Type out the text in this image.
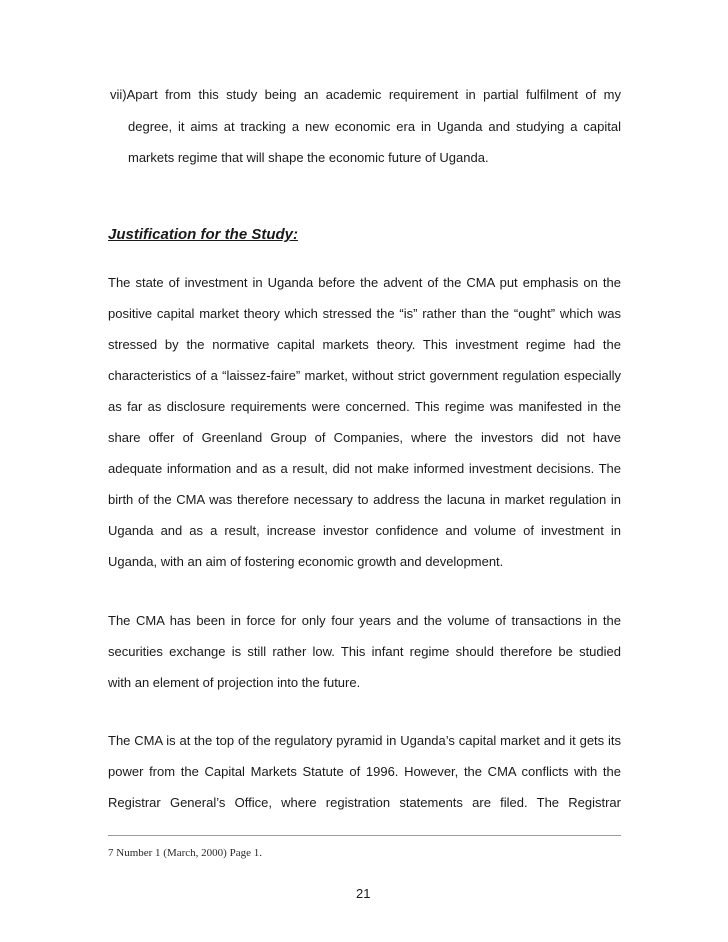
vii)Apart from this study being an academic requirement in partial fulfilment of my
degree, it aims at tracking a new economic era in Uganda and studying a capital
markets regime that will shape the economic future of Uganda.
Justification for the Study:
The state of investment in Uganda before the advent of the CMA put emphasis on the
positive capital market theory which stressed the “is” rather than the “ought” which was
stressed by the normative capital markets theory. This investment regime had the
characteristics of a “laissez-faire” market, without strict government regulation especially
as far as disclosure requirements were concerned. This regime was manifested in the
share offer of Greenland Group of Companies, where the investors did not have
adequate information and as a result, did not make informed investment decisions. The
birth of the CMA was therefore necessary to address the lacuna in market regulation in
Uganda and as a result, increase investor confidence and volume of investment in
Uganda, with an aim of fostering economic growth and development.
The CMA has been in force for only four years and the volume of transactions in the
securities exchange is still rather low. This infant regime should therefore be studied
with an element of projection into the future.
The CMA is at the top of the regulatory pyramid in Uganda’s capital market and it gets its
power from the Capital Markets Statute of 1996. However, the CMA conflicts with the
Registrar General’s Office, where registration statements are filed. The Registrar
7 Number 1 (March, 2000) Page 1.
21
